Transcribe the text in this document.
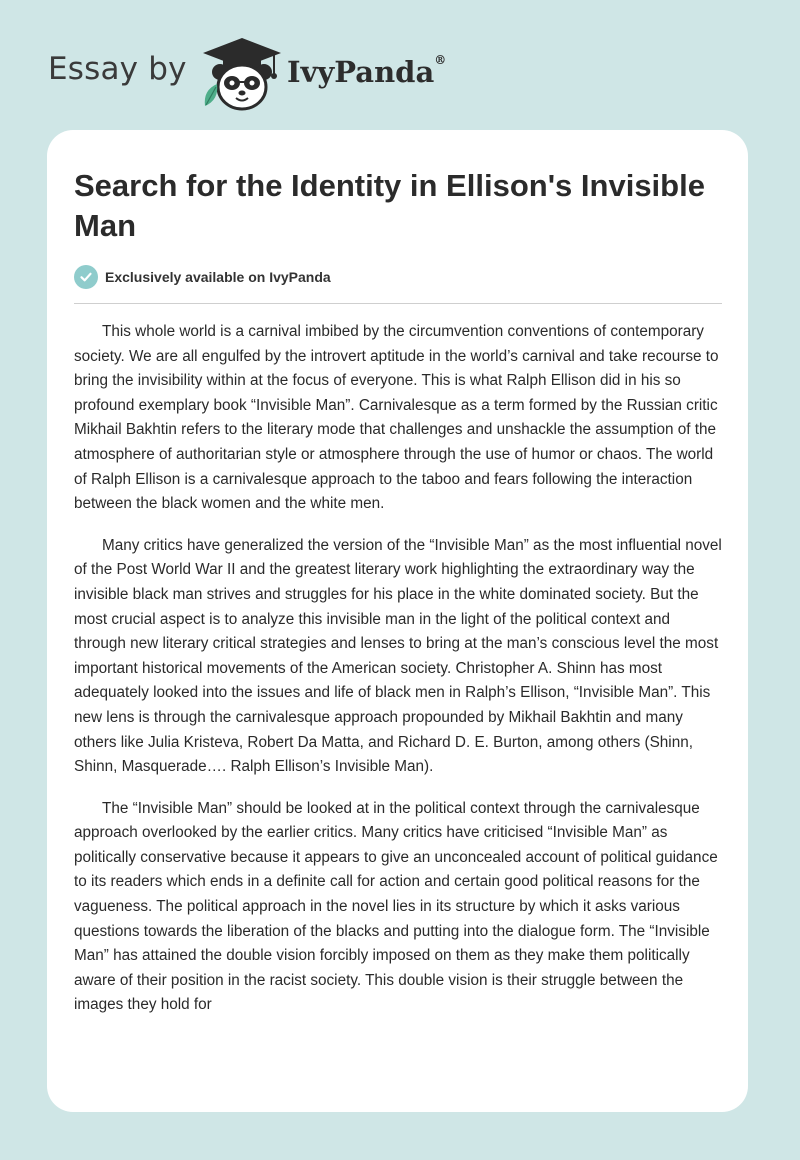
Essay by	IvyPanda®
Search for the Identity in Ellison's Invisible Man
Exclusively available on IvyPanda

This whole world is a carnival imbibed by the circumvention conventions of contemporary society. We are all engulfed by the introvert aptitude in the world’s carnival and take recourse to bring the invisibility within at the focus of everyone. This is what Ralph Ellison did in his so profound exemplary book “Invisible Man”. Carnivalesque as a term formed by the Russian critic Mikhail Bakhtin refers to the literary mode that challenges and unshackle the assumption of the atmosphere of authoritarian style or atmosphere through the use of humor or chaos. The world of Ralph Ellison is a carnivalesque approach to the taboo and fears following the interaction between the black women and the white men.

Many critics have generalized the version of the “Invisible Man” as the most influential novel of the Post World War II and the greatest literary work highlighting the extraordinary way the invisible black man strives and struggles for his place in the white dominated society. But the most crucial aspect is to analyze this invisible man in the light of the political context and through new literary critical strategies and lenses to bring at the man’s conscious level the most important historical movements of the American society. Christopher A. Shinn has most adequately looked into the issues and life of black men in Ralph’s Ellison, “Invisible Man”. This new lens is through the carnivalesque approach propounded by Mikhail Bakhtin and many others like Julia Kristeva, Robert Da Matta, and Richard D. E. Burton, among others (Shinn, Shinn, Masquerade…. Ralph Ellison’s Invisible Man).

The “Invisible Man” should be looked at in the political context through the carnivalesque approach overlooked by the earlier critics. Many critics have criticised “Invisible Man” as politically conservative because it appears to give an unconcealed account of political guidance to its readers which ends in a definite call for action and certain good political reasons for the vagueness. The political approach in the novel lies in its structure by which it asks various questions towards the liberation of the blacks and putting into the dialogue form. The “Invisible Man” has attained the double vision forcibly imposed on them as they make them politically aware of their position in the racist society. This double vision is their struggle between the images they hold for
